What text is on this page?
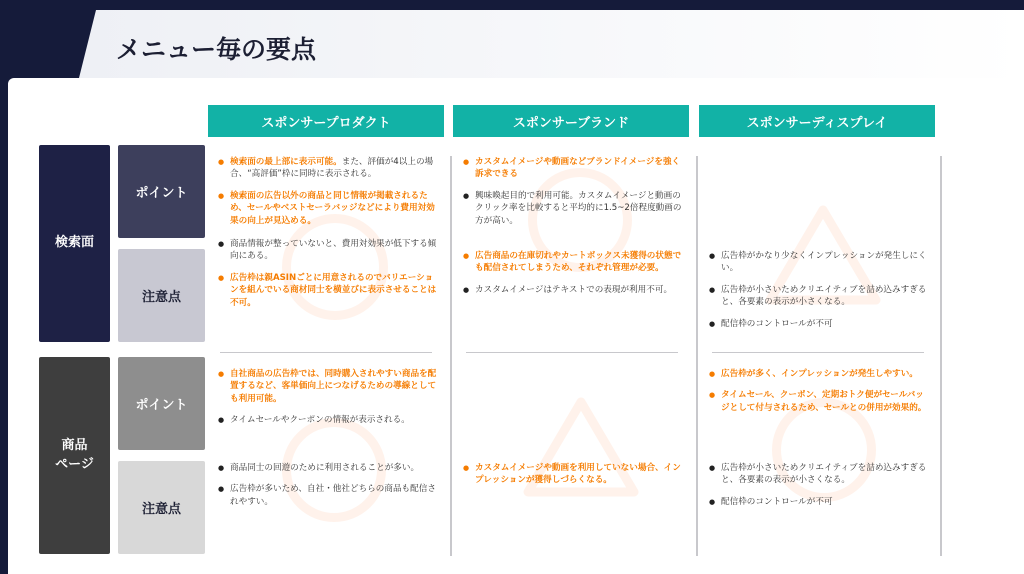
メニュー毎の要点
スポンサープロダクト	スポンサーブランド	スポンサーディスプレイ
検索面
商品
ページ
ポイント
注意点
ポイント
注意点
● 検索面の最上部に表示可能。また、評価が4以上の場合、“高評価”枠に同時に表示される。
● 検索面の広告以外の商品と同じ情報が掲載されるため、セールやベストセーラバッジなどにより費用対効果の向上が見込める。
● 商品情報が整っていないと、費用対効果が低下する傾向にある。
● 広告枠は親ASINごとに用意されるのでバリエーションを組んでいる商材同士を横並びに表示させることは不可。
● カスタムイメージや動画などブランドイメージを強く訴求できる
● 興味喚起目的で利用可能。カスタムイメージと動画のクリック率を比較すると平均的に1.5~2倍程度動画の方が高い。
● 広告商品の在庫切れやカートボックス未獲得の状態でも配信されてしまうため、それぞれ管理が必要。
● カスタムイメージはテキストでの表現が利用不可。
● 広告枠がかなり少なくインプレッションが発生しにくい。
● 広告枠が小さいためクリエイティブを詰め込みすぎると、各要素の表示が小さくなる。
● 配信枠のコントロールが不可
● 自社商品の広告枠では、同時購入されやすい商品を配置するなど、客単価向上につなげるための導線としても利用可能。
● タイムセールやクーポンの情報が表示される。
● 商品同士の回遊のために利用されることが多い。
● 広告枠が多いため、自社・他社どちらの商品も配信されやすい。
● カスタムイメージや動画を利用していない場合、インプレッションが獲得しづらくなる。
● 広告枠が多く、インプレッションが発生しやすい。
● タイムセール、クーポン、定期おトク便がセールバッジとして付与されるため、セールとの併用が効果的。
● 広告枠が小さいためクリエイティブを詰め込みすぎると、各要素の表示が小さくなる。
● 配信枠のコントロールが不可
